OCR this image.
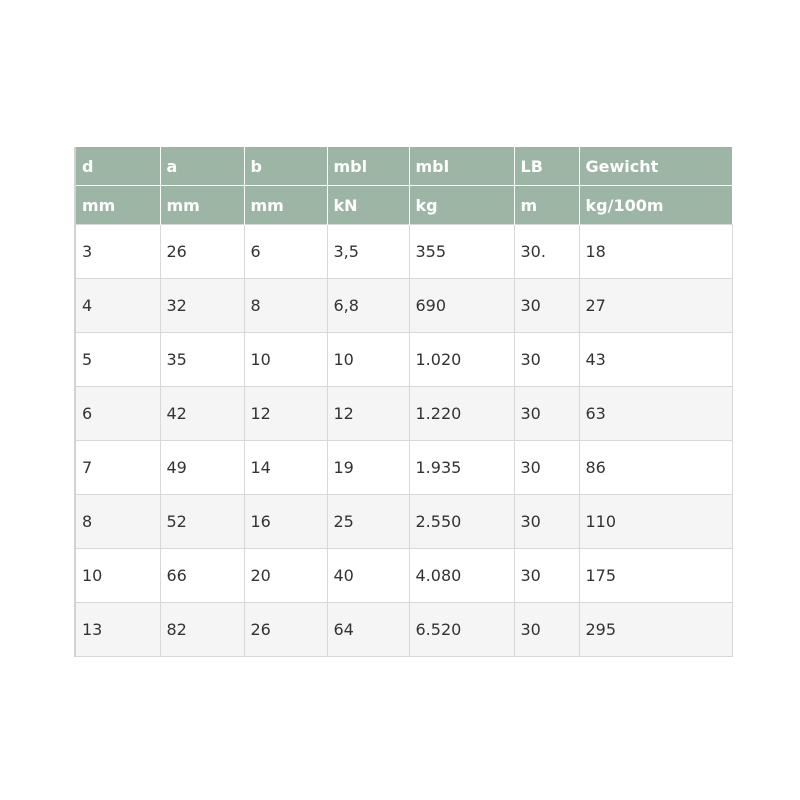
d	a	b	mbl	mbl	LB	Gewicht
mm	mm	mm	kN	kg	m	kg/100m
3	26	6	3,5	355	30.	18
4	32	8	6,8	690	30	27
5	35	10	10	1.020	30	43
6	42	12	12	1.220	30	63
7	49	14	19	1.935	30	86
8	52	16	25	2.550	30	110
10	66	20	40	4.080	30	175
13	82	26	64	6.520	30	295
